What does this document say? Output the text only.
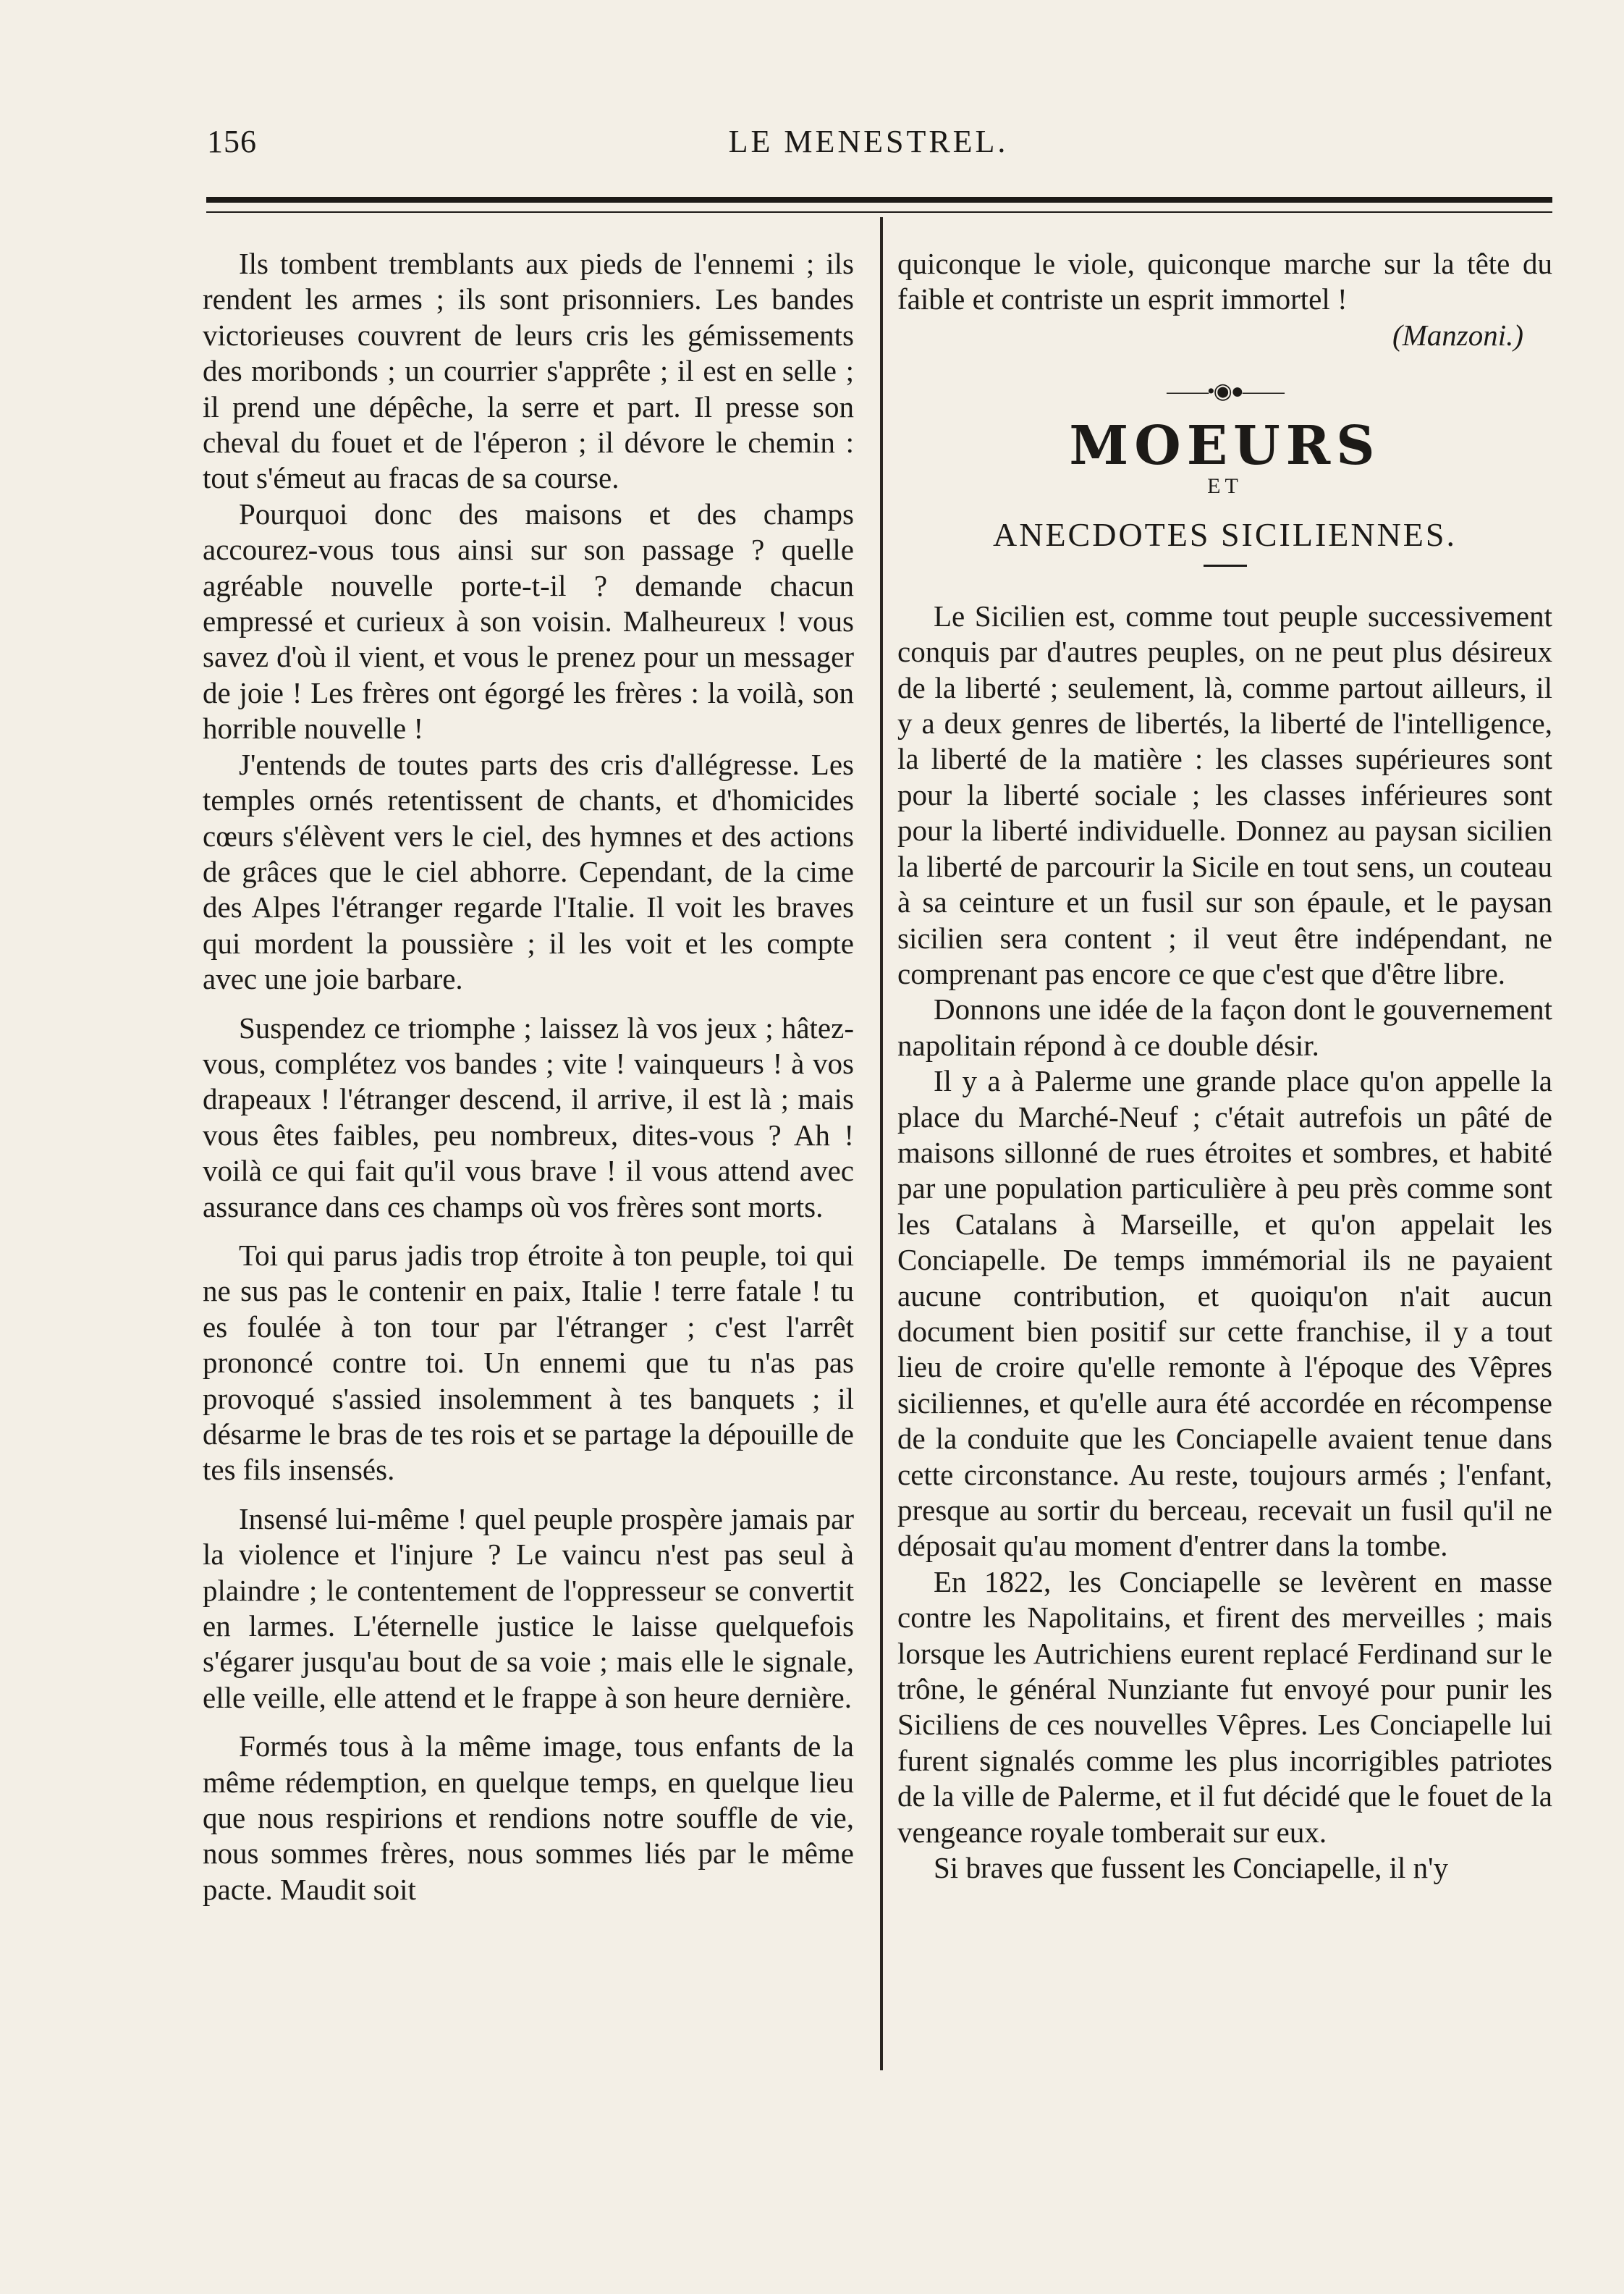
156	LE MENESTREL.

Ils tombent tremblants aux pieds de l'ennemi ; ils rendent les armes ; ils sont prisonniers. Les bandes victorieuses couvrent de leurs cris les gémissements des moribonds ; un courrier s'apprête ; il est en selle ; il prend une dépêche, la serre et part. Il presse son cheval du fouet et de l'éperon ; il dévore le chemin : tout s'émeut au fracas de sa course.

Pourquoi donc des maisons et des champs accourez-vous tous ainsi sur son passage ? quelle agréable nouvelle porte-t-il ? demande chacun empressé et curieux à son voisin. Malheureux ! vous savez d'où il vient, et vous le prenez pour un messager de joie ! Les frères ont égorgé les frères : la voilà, son horrible nouvelle !

J'entends de toutes parts des cris d'allégresse. Les temples ornés retentissent de chants, et d'homicides cœurs s'élèvent vers le ciel, des hymnes et des actions de grâces que le ciel abhorre. Cependant, de la cime des Alpes l'étranger regarde l'Italie. Il voit les braves qui mordent la poussière ; il les voit et les compte avec une joie barbare.

Suspendez ce triomphe ; laissez là vos jeux ; hâtez-vous, complétez vos bandes ; vite ! vainqueurs ! à vos drapeaux ! l'étranger descend, il arrive, il est là ; mais vous êtes faibles, peu nombreux, dites-vous ? Ah ! voilà ce qui fait qu'il vous brave ! il vous attend avec assurance dans ces champs où vos frères sont morts.

Toi qui parus jadis trop étroite à ton peuple, toi qui ne sus pas le contenir en paix, Italie ! terre fatale ! tu es foulée à ton tour par l'étranger ; c'est l'arrêt prononcé contre toi. Un ennemi que tu n'as pas provoqué s'assied insolemment à tes banquets ; il désarme le bras de tes rois et se partage la dépouille de tes fils insensés.

Insensé lui-même ! quel peuple prospère jamais par la violence et l'injure ? Le vaincu n'est pas seul à plaindre ; le contentement de l'oppresseur se convertit en larmes. L'éternelle justice le laisse quelquefois s'égarer jusqu'au bout de sa voie ; mais elle le signale, elle veille, elle attend et le frappe à son heure dernière.

Formés tous à la même image, tous enfants de la même rédemption, en quelque temps, en quelque lieu que nous respirions et rendions notre souffle de vie, nous sommes frères, nous sommes liés par le même pacte. Maudit soit

quiconque le viole, quiconque marche sur la tête du faible et contriste un esprit immortel !

(Manzoni.)
——•◉●——
MOEURS
ET
ANECDOTES SICILIENNES.

Le Sicilien est, comme tout peuple successivement conquis par d'autres peuples, on ne peut plus désireux de la liberté ; seulement, là, comme partout ailleurs, il y a deux genres de libertés, la liberté de l'intelligence, la liberté de la matière : les classes supérieures sont pour la liberté sociale ; les classes inférieures sont pour la liberté individuelle. Donnez au paysan sicilien la liberté de parcourir la Sicile en tout sens, un couteau à sa ceinture et un fusil sur son épaule, et le paysan sicilien sera content ; il veut être indépendant, ne comprenant pas encore ce que c'est que d'être libre.

Donnons une idée de la façon dont le gouvernement napolitain répond à ce double désir.

Il y a à Palerme une grande place qu'on appelle la place du Marché-Neuf ; c'était autrefois un pâté de maisons sillonné de rues étroites et sombres, et habité par une population particulière à peu près comme sont les Catalans à Marseille, et qu'on appelait les Conciapelle. De temps immémorial ils ne payaient aucune contribution, et quoiqu'on n'ait aucun document bien positif sur cette franchise, il y a tout lieu de croire qu'elle remonte à l'époque des Vêpres siciliennes, et qu'elle aura été accordée en récompense de la conduite que les Conciapelle avaient tenue dans cette circonstance. Au reste, toujours armés ; l'enfant, presque au sortir du berceau, recevait un fusil qu'il ne déposait qu'au moment d'entrer dans la tombe.

En 1822, les Conciapelle se levèrent en masse contre les Napolitains, et firent des merveilles ; mais lorsque les Autrichiens eurent replacé Ferdinand sur le trône, le général Nunziante fut envoyé pour punir les Siciliens de ces nouvelles Vêpres. Les Conciapelle lui furent signalés comme les plus incorrigibles patriotes de la ville de Palerme, et il fut décidé que le fouet de la vengeance royale tomberait sur eux.

Si braves que fussent les Conciapelle, il n'y
